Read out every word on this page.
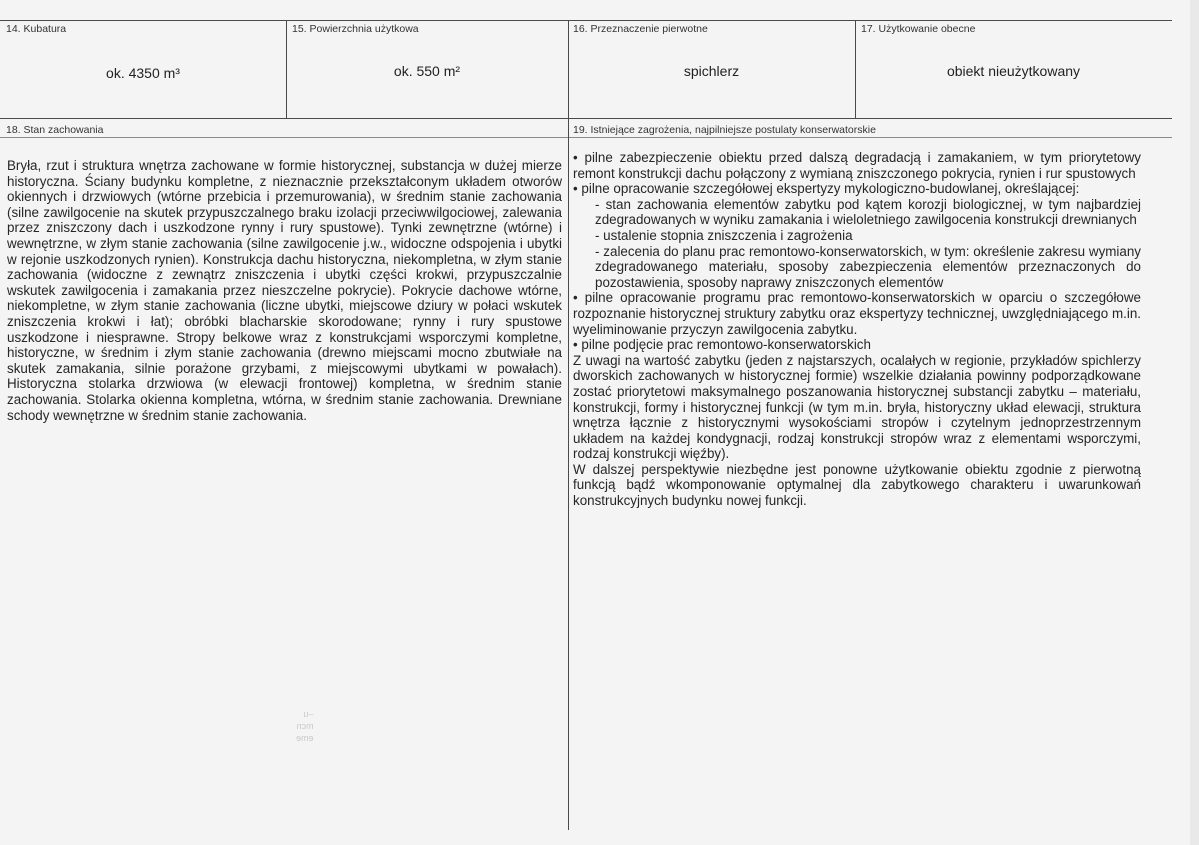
14. Kubatura
ok. 4350 m³
15. Powierzchnia użytkowa
ok. 550 m²
16. Przeznaczenie pierwotne
spichlerz
17. Użytkowanie obecne
obiekt nieużytkowany
18. Stan zachowania

Bryła, rzut i struktura wnętrza zachowane w formie historycznej, substancja w dużej mierze historyczna. Ściany budynku kompletne, z nieznacznie przekształconym układem otworów okiennych i drzwiowych (wtórne przebicia i przemurowania), w średnim stanie zachowania (silne zawilgocenie na skutek przypuszczalnego braku izolacji przeciwwilgociowej, zalewania przez zniszczony dach i uszkodzone rynny i rury spustowe). Tynki zewnętrzne (wtórne) i wewnętrzne, w złym stanie zachowania (silne zawilgocenie j.w., widoczne odspojenia i ubytki w rejonie uszkodzonych rynien). Konstrukcja dachu historyczna, niekompletna, w złym stanie zachowania (widoczne z zewnątrz zniszczenia i ubytki części krokwi, przypuszczalnie wskutek zawilgocenia i zamakania przez nieszczelne pokrycie). Pokrycie dachowe wtórne, niekompletne, w złym stanie zachowania (liczne ubytki, miejscowe dziury w połaci wskutek zniszczenia krokwi i łat); obróbki blacharskie skorodowane; rynny i rury spustowe uszkodzone i niesprawne. Stropy belkowe wraz z konstrukcjami wsporczymi kompletne, historyczne, w średnim i złym stanie zachowania (drewno miejscami mocno zbutwiałe na skutek zamakania, silnie porażone grzybami, z miejscowymi ubytkami w powałach). Historyczna stolarka drzwiowa (w elewacji frontowej) kompletna, w średnim stanie zachowania. Stolarka okienna kompletna, wtórna, w średnim stanie zachowania. Drewniane schody wewnętrzne w średnim stanie zachowania.

19. Istniejące zagrożenia, najpilniejsze postulaty konserwatorskie

• pilne zabezpieczenie obiektu przed dalszą degradacją i zamakaniem, w tym priorytetowy remont konstrukcji dachu połączony z wymianą zniszczonego pokrycia, rynien i rur spustowych

• pilne opracowanie szczegółowej ekspertyzy mykologiczno-budowlanej, określającej:

- stan zachowania elementów zabytku pod kątem korozji biologicznej, w tym najbardziej zdegradowanych w wyniku zamakania i wieloletniego zawilgocenia konstrukcji drewnianych

- ustalenie stopnia zniszczenia i zagrożenia

- zalecenia do planu prac remontowo-konserwatorskich, w tym: określenie zakresu wymiany zdegradowanego materiału, sposoby zabezpieczenia elementów przeznaczonych do pozostawienia, sposoby naprawy zniszczonych elementów

• pilne opracowanie programu prac remontowo-konserwatorskich w oparciu o szczegółowe rozpoznanie historycznej struktury zabytku oraz ekspertyzy technicznej, uwzględniającego m.in. wyeliminowanie przyczyn zawilgocenia zabytku.

• pilne podjęcie prac remontowo-konserwatorskich

Z uwagi na wartość zabytku (jeden z najstarszych, ocalałych w regionie, przykładów spichlerzy dworskich zachowanych w historycznej formie) wszelkie działania powinny podporządkowane zostać priorytetowi maksymalnego poszanowania historycznej substancji zabytku – materiału, konstrukcji, formy i historycznej funkcji (w tym m.in. bryła, historyczny układ elewacji, struktura wnętrza łącznie z historycznymi wysokościami stropów i czytelnym jednoprzestrzennym układem na każdej kondygnacji, rodzaj konstrukcji stropów wraz z elementami wsporczymi, rodzaj konstrukcji więźby).

W dalszej perspektywie niezbędne jest ponowne użytkowanie obiektu zgodnie z pierwotną funkcją bądź wkomponowanie optymalnej dla zabytkowego charakteru i uwarunkowań konstrukcyjnych budynku nowej funkcji.

–u
mcn
eme
